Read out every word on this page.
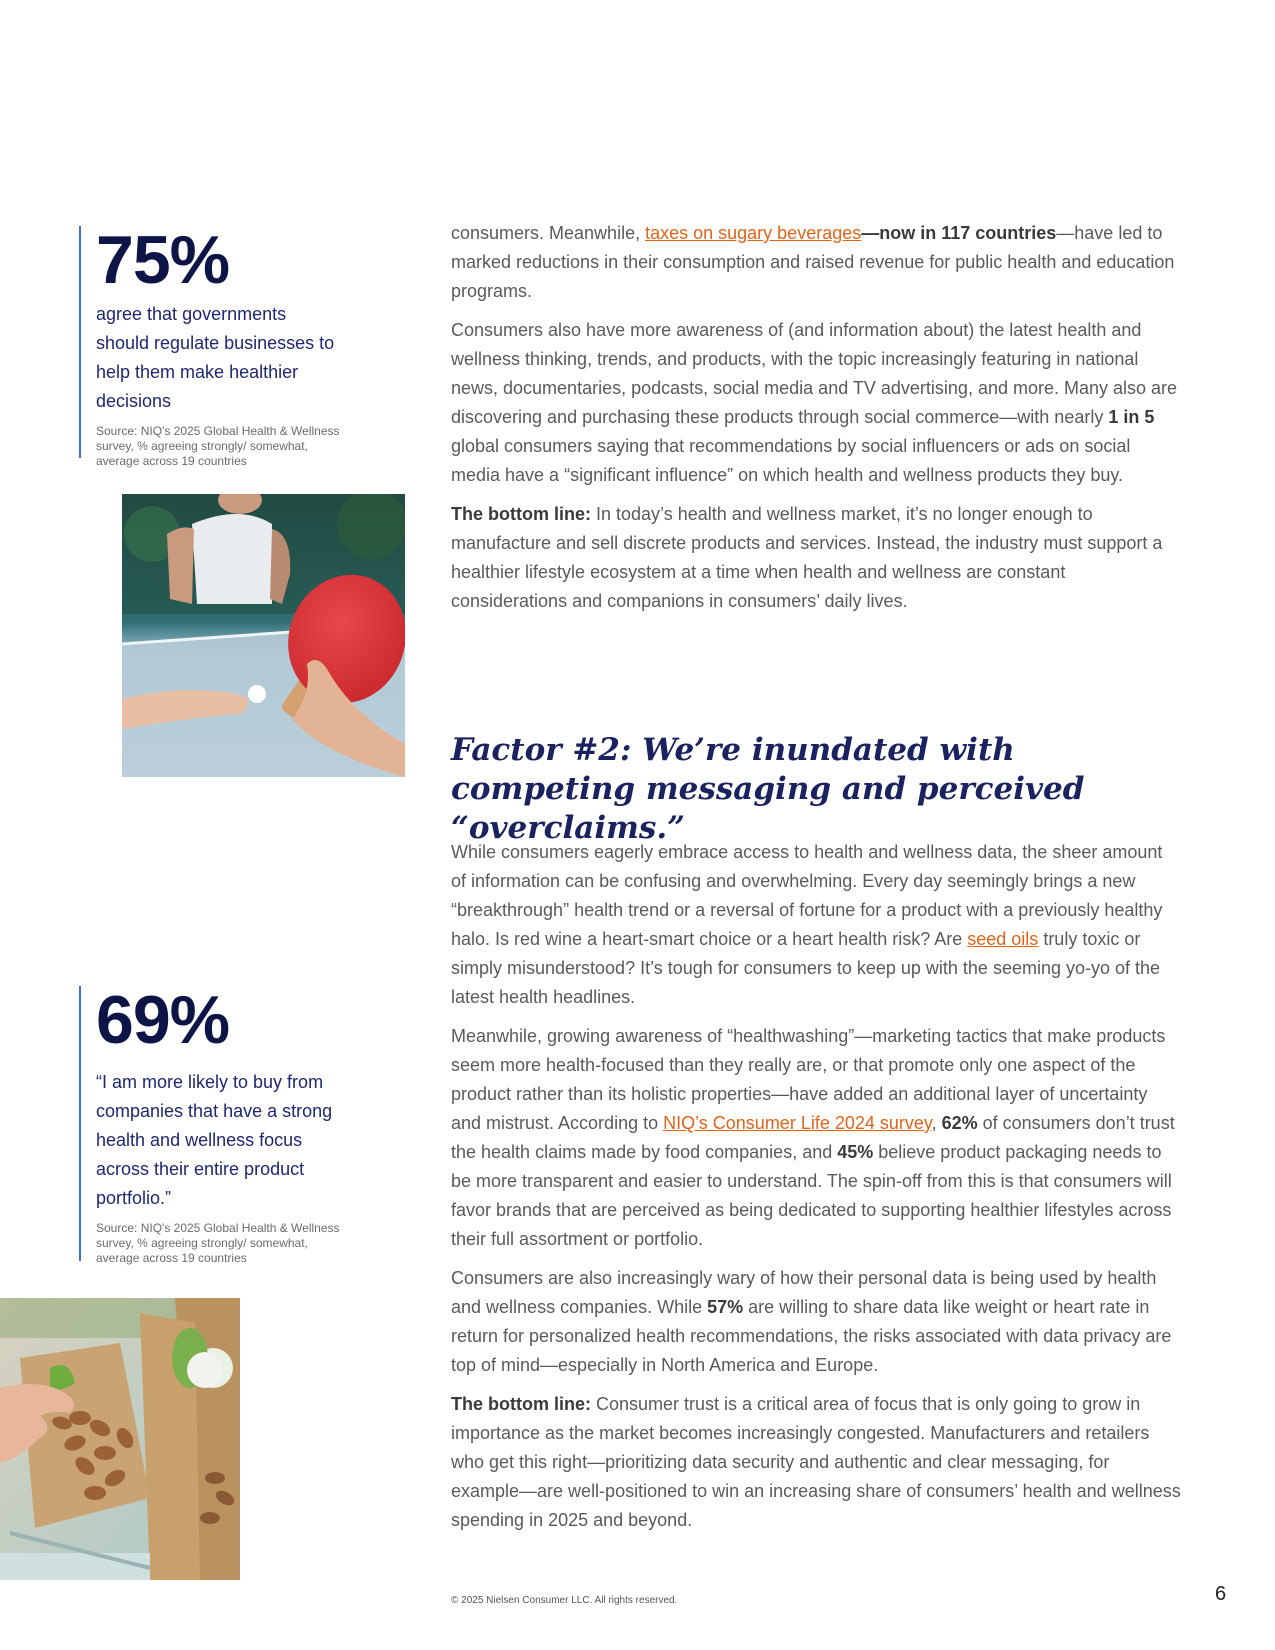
75%
agree that governments should regulate businesses to help them make healthier decisions
Source: NIQ's 2025 Global Health & Wellness survey, % agreeing strongly/ somewhat, average across 19 countries
69%
“I am more likely to buy from companies that have a strong health and wellness focus across their entire product portfolio.”
Source: NIQ's 2025 Global Health & Wellness survey, % agreeing strongly/ somewhat, average across 19 countries

consumers. Meanwhile, taxes on sugary beverages—now in 117 countries—have led to marked reductions in their consumption and raised revenue for public health and education programs.

Consumers also have more awareness of (and information about) the latest health and wellness thinking, trends, and products, with the topic increasingly featuring in national news, documentaries, podcasts, social media and TV advertising, and more. Many also are discovering and purchasing these products through social commerce—with nearly 1 in 5 global consumers saying that recommendations by social influencers or ads on social media have a “significant influence” on which health and wellness products they buy.

The bottom line: In today’s health and wellness market, it’s no longer enough to manufacture and sell discrete products and services. Instead, the industry must support a healthier lifestyle ecosystem at a time when health and wellness are constant considerations and companions in consumers’ daily lives.

Factor #2: We’re inundated with competing messaging and perceived “overclaims.”

While consumers eagerly embrace access to health and wellness data, the sheer amount of information can be confusing and overwhelming. Every day seemingly brings a new “breakthrough” health trend or a reversal of fortune for a product with a previously healthy halo. Is red wine a heart-smart choice or a heart health risk? Are seed oils truly toxic or simply misunderstood? It’s tough for consumers to keep up with the seeming yo-yo of the latest health headlines.

Meanwhile, growing awareness of “healthwashing”—marketing tactics that make products seem more health-focused than they really are, or that promote only one aspect of the product rather than its holistic properties—have added an additional layer of uncertainty and mistrust. According to NIQ’s Consumer Life 2024 survey, 62% of consumers don’t trust the health claims made by food companies, and 45% believe product packaging needs to be more transparent and easier to understand. The spin-off from this is that consumers will favor brands that are perceived as being dedicated to supporting healthier lifestyles across their full assortment or portfolio.

Consumers are also increasingly wary of how their personal data is being used by health and wellness companies. While 57% are willing to share data like weight or heart rate in return for personalized health recommendations, the risks associated with data privacy are top of mind—especially in North America and Europe.

The bottom line: Consumer trust is a critical area of focus that is only going to grow in importance as the market becomes increasingly congested. Manufacturers and retailers who get this right—prioritizing data security and authentic and clear messaging, for example—are well-positioned to win an increasing share of consumers’ health and wellness spending in 2025 and beyond.

© 2025 Nielsen Consumer LLC. All rights reserved.	6
